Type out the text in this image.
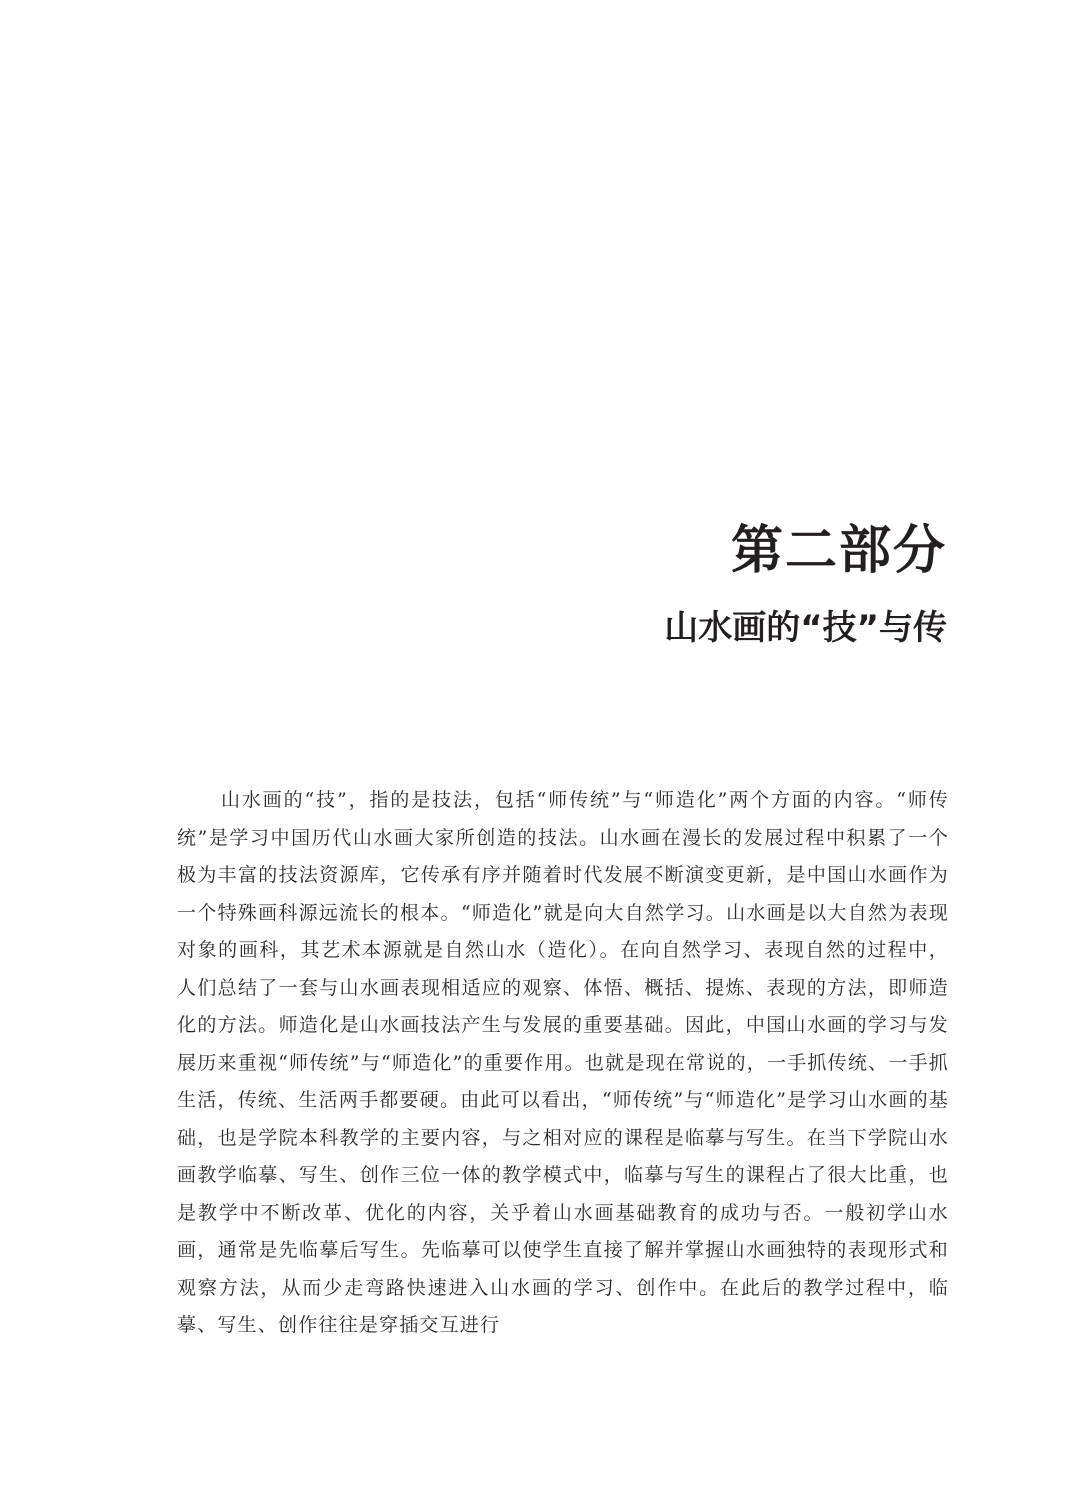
第二部分
山水画的“技”与传

山水画的“技”，指的是技法，包括“师传统”与“师造化”两个方面的内容。“师传统”是学习中国历代山水画大家所创造的技法。山水画在漫长的发展过程中积累了一个极为丰富的技法资源库，它传承有序并随着时代发展不断演变更新，是中国山水画作为一个特殊画科源远流长的根本。“师造化”就是向大自然学习。山水画是以大自然为表现对象的画科，其艺术本源就是自然山水（造化）。在向自然学习、表现自然的过程中，人们总结了一套与山水画表现相适应的观察、体悟、概括、提炼、表现的方法，即师造化的方法。师造化是山水画技法产生与发展的重要基础。因此，中国山水画的学习与发展历来重视“师传统”与“师造化”的重要作用。也就是现在常说的，一手抓传统、一手抓生活，传统、生活两手都要硬。由此可以看出，“师传统”与“师造化”是学习山水画的基础，也是学院本科教学的主要内容，与之相对应的课程是临摹与写生。在当下学院山水画教学临摹、写生、创作三位一体的教学模式中，临摹与写生的课程占了很大比重，也是教学中不断改革、优化的内容，关乎着山水画基础教育的成功与否。一般初学山水画，通常是先临摹后写生。先临摹可以使学生直接了解并掌握山水画独特的表现形式和观察方法，从而少走弯路快速进入山水画的学习、创作中。在此后的教学过程中，临摹、写生、创作往往是穿插交互进行
